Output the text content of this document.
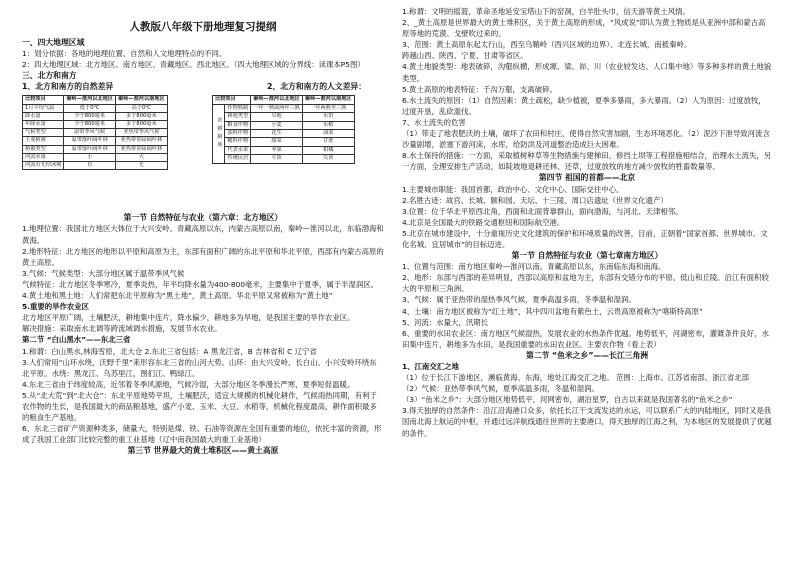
人教版八年级下册地理复习提纲
一、四大地理区域
1：划分依据：各地的地理位置、自然和人文地理特点的不同。
2：四大地理区域：北方地区、南方地区、青藏地区、西北地区。（四大地理区域的分界线：读课本P5图）
三、北方和南方
1、北方和南方的自然差异	2、北方和南方的人文差异：
比较项目	秦岭—淮河以北地区	秦岭—淮河以南地区
1月平均气温	低于0℃	高于0℃
降水量	少于800毫米	多于800毫米
年降水量	少于800毫米	多于800毫米
气候类型	温带季风气候	亚热带季风气候
主要植被	温带落叶阔叶林	亚热带常绿阔叶林
植被类型	温带落叶阔叶林	亚热带常绿阔叶林
河流水量	小	大
河流有无结冰期	有	无
比较项目		秦岭—淮河以北地区	秦岭—淮河以南地区
农耕制度	作物熟制	一年一熟或两年三熟	一年两熟至三熟
	耕地类型	旱地	水田
	粮食作物	小麦	水稻
	油料作物	花生	油菜
	糖料作物	甜菜	甘蔗
	代表水果	苹果	柑橘
	传统民居	平顶	尖顶
第一节 自然特征与农业（第六章：北方地区）
1.地理位置：我国北方地区大体位于大兴安岭、青藏高原以东，内蒙古高原以南，秦岭—淮河以北，东临渤海和黄海。
2.地形特征：北方地区的地形以平原和高原为主，东部有面积广阔的东北平原和华北平原，西部有内蒙古高原的黄土高原。
3.气候：气候类型：大部分地区属于温带季风气候
气候特征：北方地区冬季寒冷，夏季炎热，年平均降水量为400-800毫米，主要集中于夏季，属于半湿润区。
4.黄土地和黑土地：人们常把东北平原称为“黑土地”，黄土高原、华北平原又常被称为“黄土地”
5.重要的旱作农业区
北方地区平原广阔，土壤肥沃，耕地集中连片，降水偏少，耕地多为旱地，是我国主要的旱作农业区。
解决措施：采取南水北调等跨流域调水措施，发展节水农业。
第二节 “白山黑水”——东北三省
1.称谓：白山黑水,林海雪原，北大仓 2.东北三省包括：A 黑龙江省，B 吉林省和 C 辽宁省
3.人们常用“山环水绕，沃野千里”来形容东北三省的山河大势。山环：由大兴安岭、长白山、小兴安岭环绕东北平原。水绕：黑龙江、乌苏里江，图们江、鸭绿江。
4.东北三省由于纬度较高，近邻着冬季风源地，气候冷湿，大部分地区冬季漫长严寒，夏季短促温暖。
5.从“北大荒”到“北大仓”：东北平原地势平坦，土壤肥沃，适宜大规模的机械化耕作，气候雨热同期，有利于农作物的生长，是我国最大的商品粮基地，盛产小麦、玉米、大豆、水稻等，机械化程度最高，耕作面积最多的粮食生产基地。
6、东北三省矿产资源种类多，储量大，特别是煤、铁、石油等资源在全国有重要的地位，依托丰富的资源，形成了我国工业部门比较完整的重工业基地（辽中南我国最大的重工业基地）
第三节 世界最大的黄土堆积区——黄土高原
1.称谓：文明的摇篮，革命圣地延安宝塔山下的窑洞，白羊肚头巾，信天游等黄土风情。
2、_黄土高原是世界最大的黄土堆积区，关于黄土高原的形成，“风成说”即认为黄土物质是从亚洲中部和蒙古高原等地的荒漠、戈壁吹过来的。
3、范围：黄土高原东起太行山，西至乌鞘岭（西兴区域的边界）、北连长城，南抵秦岭。
跨越山西、陕西、宁夏、甘肃等省区。
4.黄土地貌类型：地表破碎，沟壑纵横，形成塬、梁、峁、川（农业较发达、人口集中地）等多种多样的黄土地貌类型。
5.黄土高原的地表特征：千沟万壑，支离破碎。
6.水土流失的原因：（1）自然因素：黄土疏松，缺少植被，夏季多暴雨，多大暴雨。（2）人为原因：过度放牧，过度开垦，乱砍滥伐。
7、水土流失的危害
（1）带走了地表肥沃的土壤，破坏了农田和村庄，使得自然灾害加剧，生态环境恶化。（2）泥沙下泄导致河流含沙量剧增，淤塞下游河床，水库，给防洪及河道整治造成巨大困难。
8.水土保持的措施：一方面，采取植树种草等生物措施与建梯田、修挡土坝等工程措施相结合，治理水土流失，另一方面，全理安排生产活动，如陡坡地退耕还林、还草，过度放牧的地方减少放牧的牲畜数量等。
第四节 祖国的首都——北京
1.主要城市职能：我国首都，政治中心、文化中心、国际交往中心。
2.名胜古迹：故宫、长城、颐和园、天坛、十三陵、周口店遗址（世界文化遗产）
3.位置：位于华北平原西北角，西面和北面背靠群山，面向渤海，与河北、天津相邻。
4.北京是全国最大的铁路交通枢纽和国际航空港。
5.北京在城市建设中，十分重视历史文化建筑的保护和环境质量的改善，目前，正朝着“国家首都、世界城市、文化名城、宜居城市”的目标迈进。
第一节 自然特征与农业（第七章南方地区）
1、位置与范围：南方地区秦岭—淮河以南，青藏高原以东，东南临东海和南海。
2、地形：东部与西部的差异明显，西部以高原和盆地为主，东部有交错分布的平原、低山和丘陵。沿江有面积较大的平原和三角洲。
3、气候：属于亚热带的湿热季风气候，夏季高温多雨，冬季温和湿润。
4、土壤：南方地区被称为“红土地”，其中四川盆地有紫色土，云贵高原被称为“喀斯特高原”
5、河流：水量大，汛期长
6、重要的水田农业区：南方地区气候湿热，发展农业的水热条件优越。地势低平，河湖密布，灌溉条件良好，水田集中连片，耕地多为水田，是我国重要的水田农业区。主要农作物（看上表）
第二节 “鱼米之乡”——长江三角洲
1、江南交汇之地
（1）位于长江下游地区，濒临黄海、东海，地处江海交汇之地。 范围：上海市、江苏省南部、浙江省北部
（2）气候：亚热带季风气候，夏季高温多雨，冬温和湿润。
（3）“鱼米之乡”：大部分地区地势低平，河网密布，湖泊星罗，自古以来就是我国著名的“鱼米之乡”
3.得天独厚的自然条件：沿江沿海港口众多，依托长江干支流发达的水运，可以联系广大的内陆地区，同时又是我国南北海上航运的中枢，并通过远洋航线通往世界的主要港口，得天独厚的江海之利，为本地区的发展提供了优越的条件。
